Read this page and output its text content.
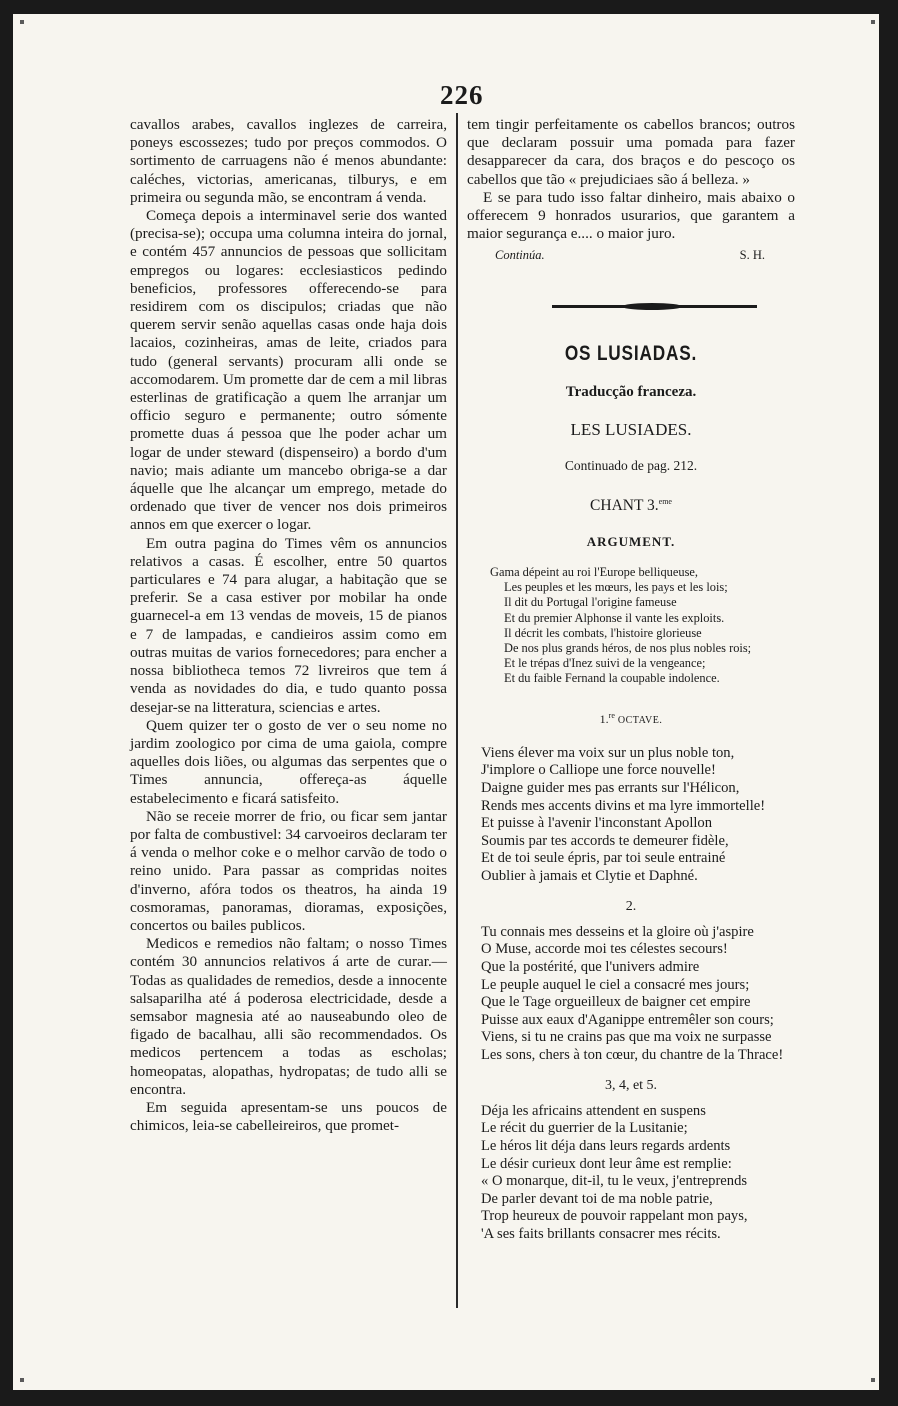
226

cavallos arabes, cavallos inglezes de carreira, poneys escossezes; tudo por preços commodos. O sortimento de carruagens não é menos abundante: caléches, victorias, americanas, tilburys, e em primeira ou segunda mão, se encontram á venda.

Começa depois a interminavel serie dos wanted (precisa-se); occupa uma columna inteira do jornal, e contém 457 annuncios de pessoas que sollicitam empregos ou logares: ecclesiasticos pedindo beneficios, professores offerecendo-se para residirem com os discipulos; criadas que não querem servir senão aquellas casas onde haja dois lacaios, cozinheiras, amas de leite, criados para tudo (general servants) procuram alli onde se accomodarem. Um promette dar de cem a mil libras esterlinas de gratificação a quem lhe arranjar um officio seguro e permanente; outro sómente promette duas á pessoa que lhe poder achar um logar de under steward (dispenseiro) a bordo d'um navio; mais adiante um mancebo obriga-se a dar áquelle que lhe alcançar um emprego, metade do ordenado que tiver de vencer nos dois primeiros annos em que exercer o logar.

Em outra pagina do Times vêm os annuncios relativos a casas. É escolher, entre 50 quartos particulares e 74 para alugar, a habitação que se preferir. Se a casa estiver por mobilar ha onde guarnecel-a em 13 vendas de moveis, 15 de pianos e 7 de lampadas, e candieiros assim como em outras muitas de varios fornecedores; para encher a nossa bibliotheca temos 72 livreiros que tem á venda as novidades do dia, e tudo quanto possa desejar-se na litteratura, sciencias e artes.

Quem quizer ter o gosto de ver o seu nome no jardim zoologico por cima de uma gaiola, compre aquelles dois liões, ou algumas das serpentes que o Times annuncia, offereça-as áquelle estabelecimento e ficará satisfeito.

Não se receie morrer de frio, ou ficar sem jantar por falta de combustivel: 34 carvoeiros declaram ter á venda o melhor coke e o melhor carvão de todo o reino unido. Para passar as compridas noites d'inverno, afóra todos os theatros, ha ainda 19 cosmoramas, panoramas, dioramas, exposições, concertos ou bailes publicos.

Medicos e remedios não faltam; o nosso Times contém 30 annuncios relativos á arte de curar.—Todas as qualidades de remedios, desde a innocente salsaparilha até á poderosa electricidade, desde a semsabor magnesia até ao nauseabundo oleo de figado de bacalhau, alli são recommendados. Os medicos pertencem a todas as escholas; homeopatas, alopathas, hydropatas; de tudo alli se encontra.

Em seguida apresentam-se uns poucos de chimicos, leia-se cabelleireiros, que promet-

tem tingir perfeitamente os cabellos brancos; outros que declaram possuir uma pomada para fazer desapparecer da cara, dos braços e do pescoço os cabellos que tão « prejudiciaes são á belleza. »

E se para tudo isso faltar dinheiro, mais abaixo o offerecem 9 honrados usurarios, que garantem a maior segurança e.... o maior juro.

Continúa.	S. H.
OS LUSIADAS.
Traducção franceza.
LES LUSIADES.
Continuado de pag. 212.
CHANT 3.$^{eme}$
ARGUMENT.
Gama dépeint au roi l'Europe belliqueuse,
Les peuples et les mœurs, les pays et les lois;
Il dit du Portugal l'origine fameuse
Et du premier Alphonse il vante les exploits.
Il décrit les combats, l'histoire glorieuse
De nos plus grands héros, de nos plus nobles rois;
Et le trépas d'Inez suivi de la vengeance;
Et du faible Fernand la coupable indolence.
1.$^{re}$ OCTAVE.
Viens élever ma voix sur un plus noble ton,
J'implore o Calliope une force nouvelle!
Daigne guider mes pas errants sur l'Hélicon,
Rends mes accents divins et ma lyre immortelle!
Et puisse à l'avenir l'inconstant Apollon
Soumis par tes accords te demeurer fidèle,
Et de toi seule épris, par toi seule entrainé
Oublier à jamais et Clytie et Daphné.
2.
Tu connais mes desseins et la gloire où j'aspire
O Muse, accorde moi tes célestes secours!
Que la postérité, que l'univers admire
Le peuple auquel le ciel a consacré mes jours;
Que le Tage orgueilleux de baigner cet empire
Puisse aux eaux d'Aganippe entremêler son cours;
Viens, si tu ne crains pas que ma voix ne surpasse
Les sons, chers à ton cœur, du chantre de la Thrace!
3, 4, et 5.
Déja les africains attendent en suspens
Le récit du guerrier de la Lusitanie;
Le héros lit déja dans leurs regards ardents
Le désir curieux dont leur âme est remplie:
« O monarque, dit-il, tu le veux, j'entreprends
De parler devant toi de ma noble patrie,
Trop heureux de pouvoir rappelant mon pays,
'A ses faits brillants consacrer mes récits.
